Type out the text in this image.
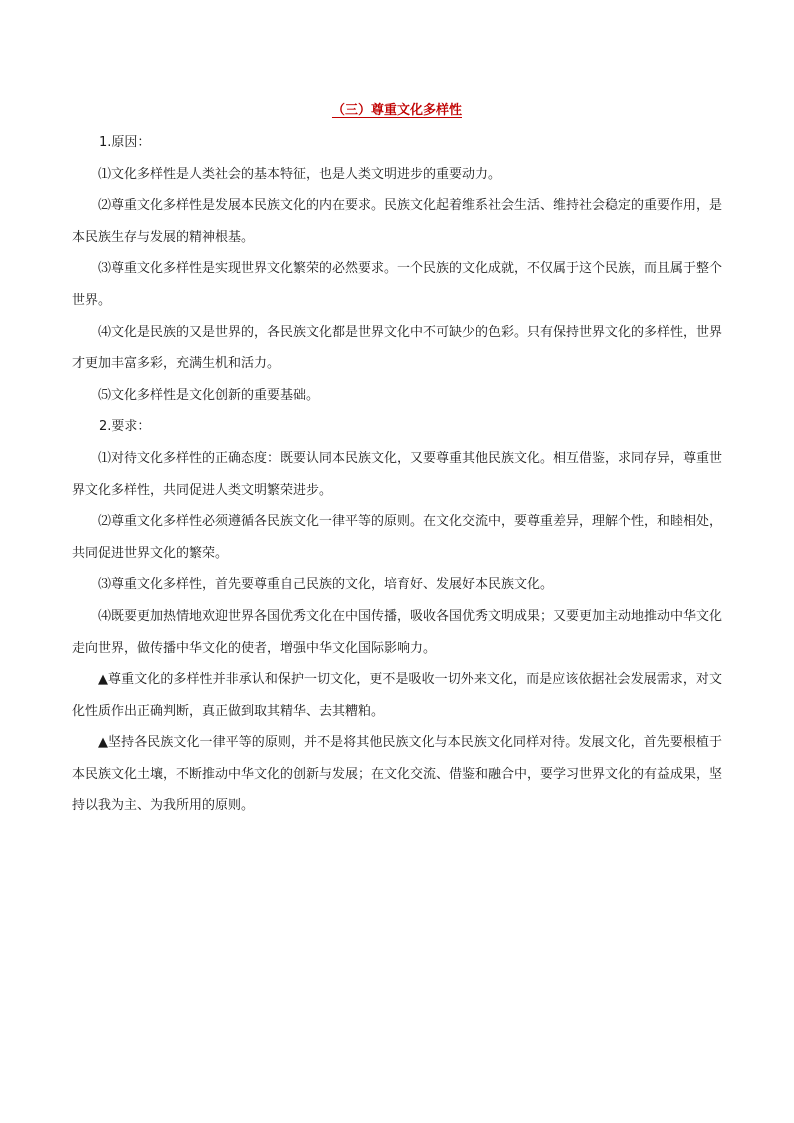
（三）尊重文化多样性

1.原因：

⑴文化多样性是人类社会的基本特征，也是人类文明进步的重要动力。

⑵尊重文化多样性是发展本民族文化的内在要求。民族文化起着维系社会生活、维持社会稳定的重要作用，是本民族生存与发展的精神根基。

⑶尊重文化多样性是实现世界文化繁荣的必然要求。一个民族的文化成就，不仅属于这个民族，而且属于整个世界。

⑷文化是民族的又是世界的，各民族文化都是世界文化中不可缺少的色彩。只有保持世界文化的多样性，世界才更加丰富多彩，充满生机和活力。

⑸文化多样性是文化创新的重要基础。

2.要求：

⑴对待文化多样性的正确态度：既要认同本民族文化，又要尊重其他民族文化。相互借鉴，求同存异，尊重世界文化多样性，共同促进人类文明繁荣进步。

⑵尊重文化多样性必须遵循各民族文化一律平等的原则。在文化交流中，要尊重差异，理解个性，和睦相处，共同促进世界文化的繁荣。

⑶尊重文化多样性，首先要尊重自己民族的文化，培育好、发展好本民族文化。

⑷既要更加热情地欢迎世界各国优秀文化在中国传播，吸收各国优秀文明成果；又要更加主动地推动中华文化走向世界，做传播中华文化的使者，增强中华文化国际影响力。

▲尊重文化的多样性并非承认和保护一切文化，更不是吸收一切外来文化，而是应该依据社会发展需求，对文化性质作出正确判断，真正做到取其精华、去其糟粕。

▲坚持各民族文化一律平等的原则，并不是将其他民族文化与本民族文化同样对待。发展文化，首先要根植于本民族文化土壤，不断推动中华文化的创新与发展；在文化交流、借鉴和融合中，要学习世界文化的有益成果，坚持以我为主、为我所用的原则。
